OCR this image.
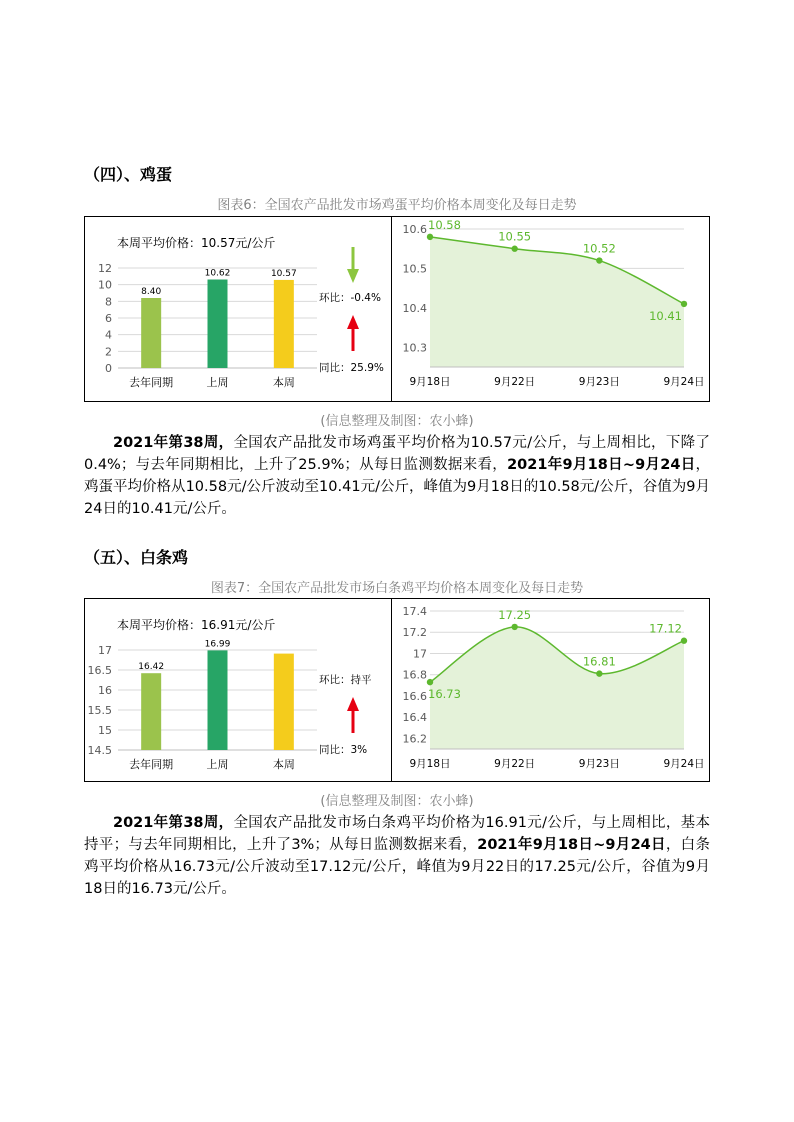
（四）、鸡蛋
图表6：全国农产品批发市场鸡蛋平均价格本周变化及每日走势
本周平均价格：10.57元/公斤
0
2
4
6
8
10
12
8.40
去年同期
10.62
上周
10.57
本周
环比：-0.4%
同比：25.9%
10.3
10.4
10.5
10.6 10.58
9月18日
10.55
9月22日
10.52
9月23日
10.41
9月24日
(信息整理及制图：农小蜂)

2021年第38周，全国农产品批发市场鸡蛋平均价格为10.57元/公斤，与上周相比，下降了0.4%；与去年同期相比，上升了25.9%；从每日监测数据来看，2021年9月18日~9月24日，鸡蛋平均价格从10.58元/公斤波动至10.41元/公斤，峰值为9月18日的10.58元/公斤，谷值为9月24日的10.41元/公斤。

（五）、白条鸡
图表7：全国农产品批发市场白条鸡平均价格本周变化及每日走势
本周平均价格：16.91元/公斤
14.5
15
15.5
16
16.5
17
16.42
去年同期
16.99
上周	本周
环比：持平
同比：3%
16.2
16.4
16.6
16.8
17
17.2
17.4
16.73
9月18日
17.25
9月22日
16.81
9月23日
17.12
9月24日
(信息整理及制图：农小蜂)

2021年第38周，全国农产品批发市场白条鸡平均价格为16.91元/公斤，与上周相比，基本持平；与去年同期相比，上升了3%；从每日监测数据来看，2021年9月18日~9月24日，白条鸡平均价格从16.73元/公斤波动至17.12元/公斤，峰值为9月22日的17.25元/公斤，谷值为9月18日的16.73元/公斤。
